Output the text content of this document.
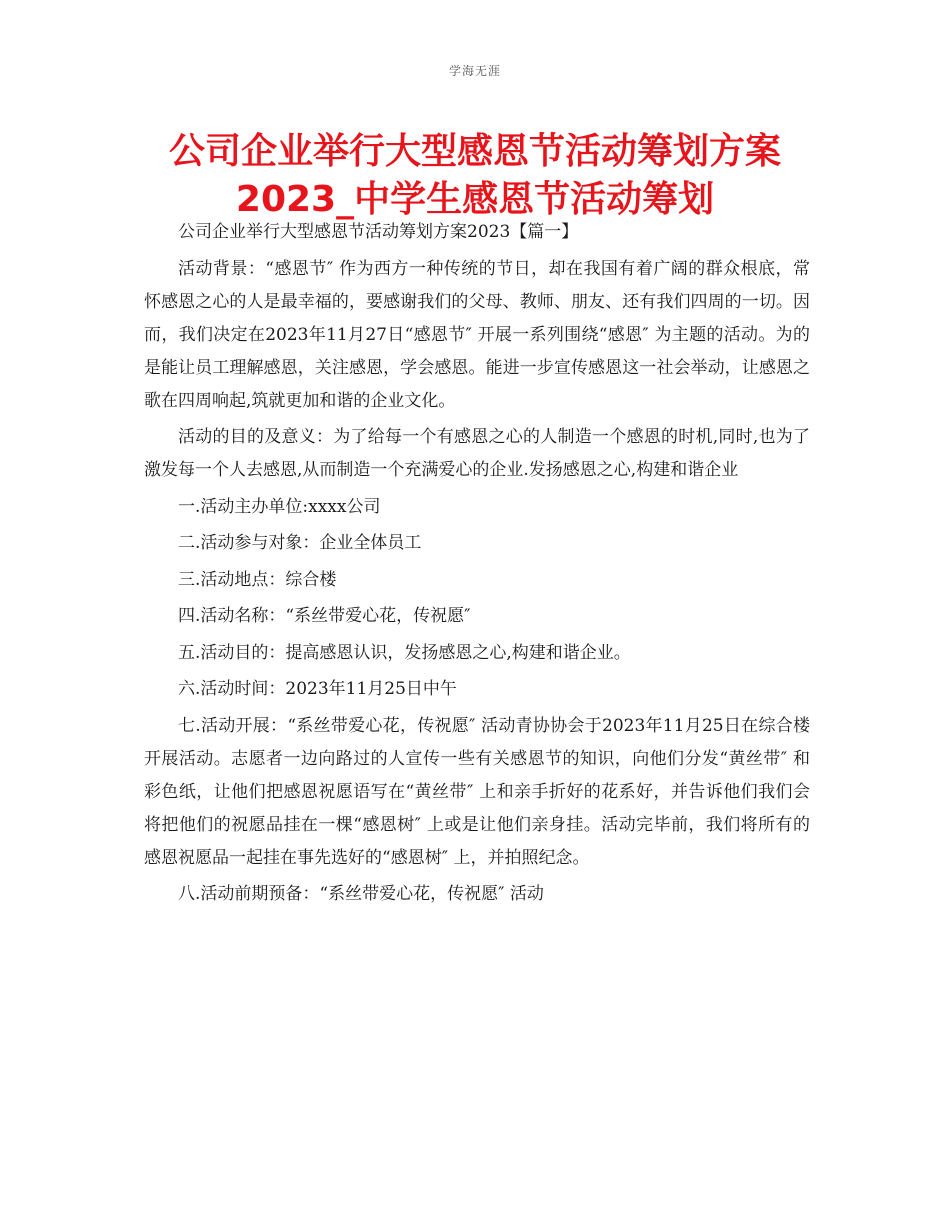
学海无涯
公司企业举行大型感恩节活动筹划方案
2023_中学生感恩节活动筹划

公司企业举行大型感恩节活动筹划方案2023【篇一】

活动背景：“感恩节″ 作为西方一种传统的节日，却在我国有着广阔的群众根底，常怀感恩之心的人是最幸福的，要感谢我们的父母、教师、朋友、还有我们四周的一切。因而，我们决定在2023年11月27日“感恩节″ 开展一系列围绕“感恩″ 为主题的活动。为的是能让员工理解感恩，关注感恩，学会感恩。能进一步宣传感恩这一社会举动，让感恩之歌在四周响起,筑就更加和谐的企业文化。

活动的目的及意义：为了给每一个有感恩之心的人制造一个感恩的时机,同时,也为了激发每一个人去感恩,从而制造一个充满爱心的企业.发扬感恩之心,构建和谐企业

一.活动主办单位:xxxx公司

二.活动参与对象：企业全体员工

三.活动地点：综合楼

四.活动名称：“系丝带爱心花，传祝愿″

五.活动目的：提高感恩认识，发扬感恩之心,构建和谐企业。

六.活动时间：2023年11月25日中午

七.活动开展：“系丝带爱心花，传祝愿″ 活动青协协会于2023年11月25日在综合楼开展活动。志愿者一边向路过的人宣传一些有关感恩节的知识，向他们分发“黄丝带″ 和彩色纸，让他们把感恩祝愿语写在“黄丝带″ 上和亲手折好的花系好，并告诉他们我们会将把他们的祝愿品挂在一棵“感恩树″ 上或是让他们亲身挂。活动完毕前，我们将所有的感恩祝愿品一起挂在事先选好的“感恩树″ 上，并拍照纪念。

八.活动前期预备：“系丝带爱心花，传祝愿″ 活动
